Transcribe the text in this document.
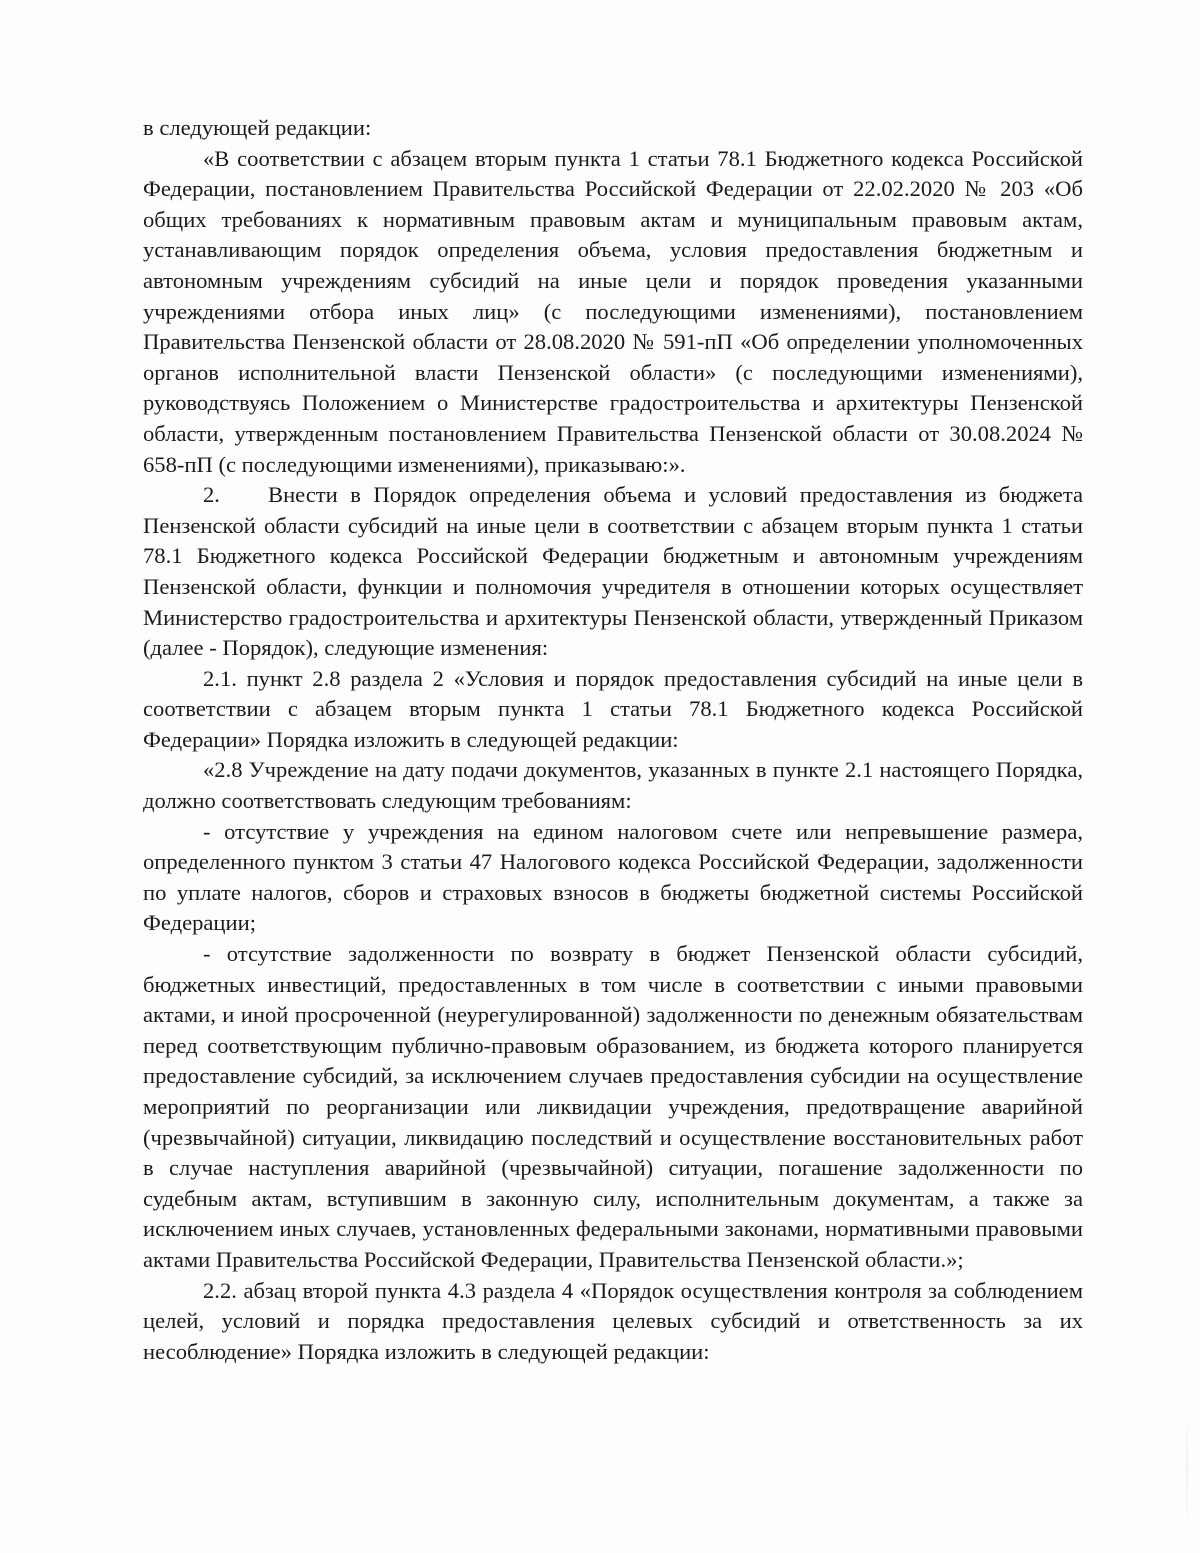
в следующей редакции:

«В соответствии с абзацем вторым пункта 1 статьи 78.1 Бюджетного кодекса Российской Федерации, постановлением Правительства Российской Федерации от 22.02.2020 № 203 «Об общих требованиях к нормативным правовым актам и муниципальным правовым актам, устанавливающим порядок определения объема, условия предоставления бюджетным и автономным учреждениям субсидий на иные цели и порядок проведения указанными учреждениями отбора иных лиц» (с последующими изменениями), постановлением Правительства Пензенской области от 28.08.2020 № 591-пП «Об определении уполномоченных органов исполнительной власти Пензенской области» (с последующими изменениями), руководствуясь Положением о Министерстве градостроительства и архитектуры Пензенской области, утвержденным постановлением Правительства Пензенской области от 30.08.2024 № 658-пП (с последующими изменениями), приказываю:».

2. Внести в Порядок определения объема и условий предоставления из бюджета Пензенской области субсидий на иные цели в соответствии с абзацем вторым пункта 1 статьи 78.1 Бюджетного кодекса Российской Федерации бюджетным и автономным учреждениям Пензенской области, функции и полномочия учредителя в отношении которых осуществляет Министерство градостроительства и архитектуры Пензенской области, утвержденный Приказом (далее - Порядок), следующие изменения:

2.1. пункт 2.8 раздела 2 «Условия и порядок предоставления субсидий на иные цели в соответствии с абзацем вторым пункта 1 статьи 78.1 Бюджетного кодекса Российской Федерации» Порядка изложить в следующей редакции:

«2.8 Учреждение на дату подачи документов, указанных в пункте 2.1 настоящего Порядка, должно соответствовать следующим требованиям:

- отсутствие у учреждения на едином налоговом счете или непревышение размера, определенного пунктом 3 статьи 47 Налогового кодекса Российской Федерации, задолженности по уплате налогов, сборов и страховых взносов в бюджеты бюджетной системы Российской Федерации;

- отсутствие задолженности по возврату в бюджет Пензенской области субсидий, бюджетных инвестиций, предоставленных в том числе в соответствии с иными правовыми актами, и иной просроченной (неурегулированной) задолженности по денежным обязательствам перед соответствующим публично-правовым образованием, из бюджета которого планируется предоставление субсидий, за исключением случаев предоставления субсидии на осуществление мероприятий по реорганизации или ликвидации учреждения, предотвращение аварийной (чрезвычайной) ситуации, ликвидацию последствий и осуществление восстановительных работ в случае наступления аварийной (чрезвычайной) ситуации, погашение задолженности по судебным актам, вступившим в законную силу, исполнительным документам, а также за исключением иных случаев, установленных федеральными законами, нормативными правовыми актами Правительства Российской Федерации, Правительства Пензенской области.»;

2.2. абзац второй пункта 4.3 раздела 4 «Порядок осуществления контроля за соблюдением целей, условий и порядка предоставления целевых субсидий и ответственность за их несоблюдение» Порядка изложить в следующей редакции:
